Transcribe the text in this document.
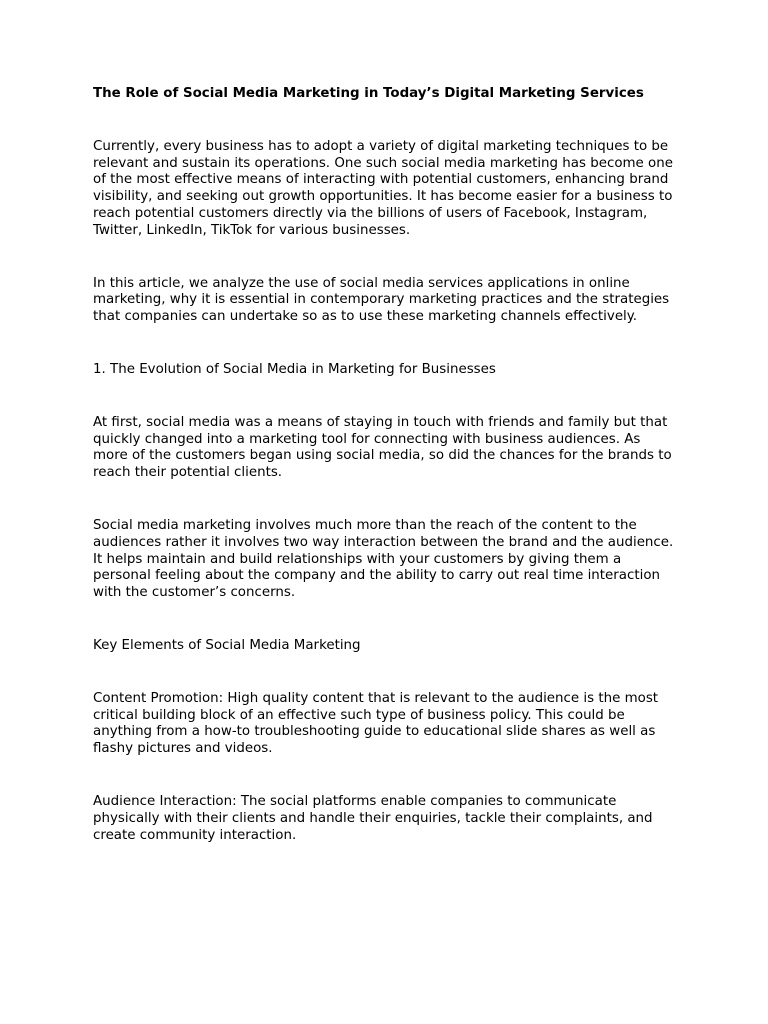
The Role of Social Media Marketing in Today’s Digital Marketing Services

Currently, every business has to adopt a variety of digital marketing techniques to be relevant and sustain its operations. One such social media marketing has become one of the most effective means of interacting with potential customers, enhancing brand visibility, and seeking out growth opportunities. It has become easier for a business to reach potential customers directly via the billions of users of Facebook, Instagram, Twitter, LinkedIn, TikTok for various businesses.

In this article, we analyze the use of social media services applications in online marketing, why it is essential in contemporary marketing practices and the strategies that companies can undertake so as to use these marketing channels effectively.

1. The Evolution of Social Media in Marketing for Businesses

At first, social media was a means of staying in touch with friends and family but that quickly changed into a marketing tool for connecting with business audiences. As more of the customers began using social media, so did the chances for the brands to reach their potential clients.

Social media marketing involves much more than the reach of the content to the audiences rather it involves two way interaction between the brand and the audience. It helps maintain and build relationships with your customers by giving them a personal feeling about the company and the ability to carry out real time interaction with the customer’s concerns.

Key Elements of Social Media Marketing

Content Promotion: High quality content that is relevant to the audience is the most critical building block of an effective such type of business policy. This could be anything from a how-to troubleshooting guide to educational slide shares as well as flashy pictures and videos.

Audience Interaction: The social platforms enable companies to communicate physically with their clients and handle their enquiries, tackle their complaints, and create community interaction.
